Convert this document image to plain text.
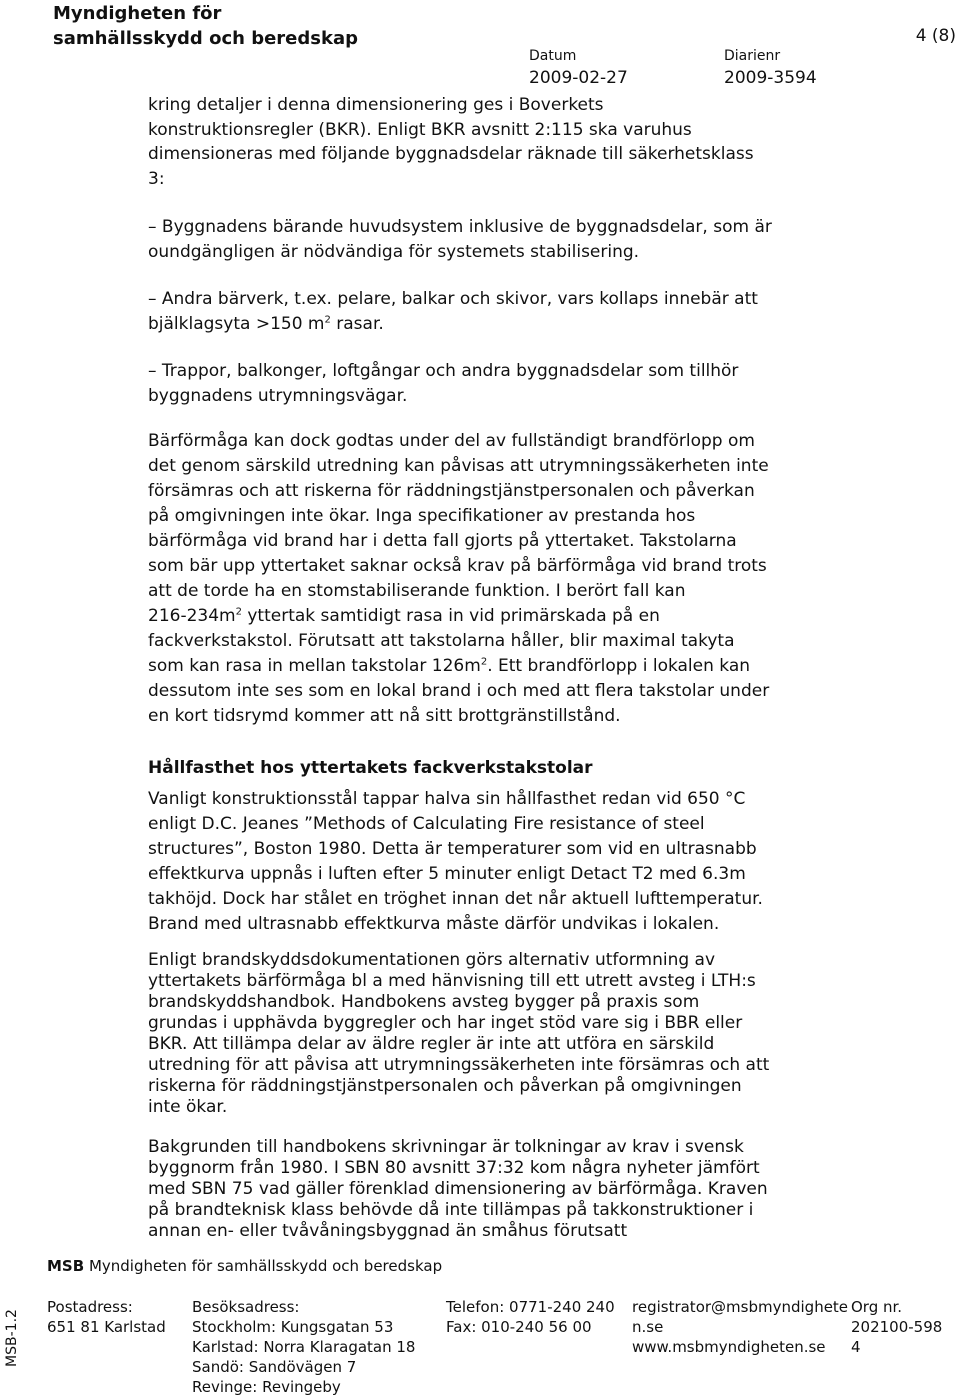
Myndigheten för
samhällsskydd och beredskap	4 (8)
Datum
2009-02-27
Diarienr
2009-3594
kring detaljer i denna dimensionering ges i Boverkets
konstruktionsregler (BKR). Enligt BKR avsnitt 2:115 ska varuhus
dimensioneras med följande byggnadsdelar räknade till säkerhetsklass
3:
– Byggnadens bärande huvudsystem inklusive de byggnadsdelar, som är
oundgängligen är nödvändiga för systemets stabilisering.
– Andra bärverk, t.ex. pelare, balkar och skivor, vars kollaps innebär att
bjälklagsyta >150 $m^2$ rasar.
– Trappor, balkonger, loftgångar och andra byggnadsdelar som tillhör
byggnadens utrymningsvägar.
Bärförmåga kan dock godtas under del av fullständigt brandförlopp om
det genom särskild utredning kan påvisas att utrymningssäkerheten inte
försämras och att riskerna för räddningstjänstpersonalen och påverkan
på omgivningen inte ökar. Inga specifikationer av prestanda hos
bärförmåga vid brand har i detta fall gjorts på yttertaket. Takstolarna
som bär upp yttertaket saknar också krav på bärförmåga vid brand trots
att de torde ha en stomstabiliserande funktion. I berört fall kan
$216-234m^2$ yttertak samtidigt rasa in vid primärskada på en
fackverkstakstol. Förutsatt att takstolarna håller, blir maximal takyta
som kan rasa in mellan takstolar $126m^2$. Ett brandförlopp i lokalen kan
dessutom inte ses som en lokal brand i och med att flera takstolar under
en kort tidsrymd kommer att nå sitt brottgränstillstånd.
Hållfasthet hos yttertakets fackverkstakstolar
Vanligt konstruktionsstål tappar halva sin hållfasthet redan vid 650 °C
enligt D.C. Jeanes ”Methods of Calculating Fire resistance of steel
structures”, Boston 1980. Detta är temperaturer som vid en ultrasnabb
effektkurva uppnås i luften efter 5 minuter enligt Detact T2 med 6.3m
takhöjd. Dock har stålet en tröghet innan det når aktuell lufttemperatur.
Brand med ultrasnabb effektkurva måste därför undvikas i lokalen.
Enligt brandskyddsdokumentationen görs alternativ utformning av
yttertakets bärförmåga bl a med hänvisning till ett utrett avsteg i LTH:s
brandskyddshandbok. Handbokens avsteg bygger på praxis som
grundas i upphävda byggregler och har inget stöd vare sig i BBR eller
BKR. Att tillämpa delar av äldre regler är inte att utföra en särskild
utredning för att påvisa att utrymningssäkerheten inte försämras och att
riskerna för räddningstjänstpersonalen och påverkan på omgivningen
inte ökar.
Bakgrunden till handbokens skrivningar är tolkningar av krav i svensk
byggnorm från 1980. I SBN 80 avsnitt 37:32 kom några nyheter jämfört
med SBN 75 vad gäller förenklad dimensionering av bärförmåga. Kraven
på brandteknisk klass behövde då inte tillämpas på takkonstruktioner i
annan en- eller tvåvåningsbyggnad än småhus förutsatt
MSB Myndigheten för samhällsskydd och beredskap
Postadress:
651 81 Karlstad
Besöksadress:
Stockholm: Kungsgatan 53
Karlstad: Norra Klaragatan 18
Sandö: Sandövägen 7
Revinge: Revingeby
Telefon: 0771-240 240
Fax: 010-240 56 00
registrator@msbmyndighete
n.se
www.msbmyndigheten.se
Org nr.
202100-598
4
MSB-1.2
